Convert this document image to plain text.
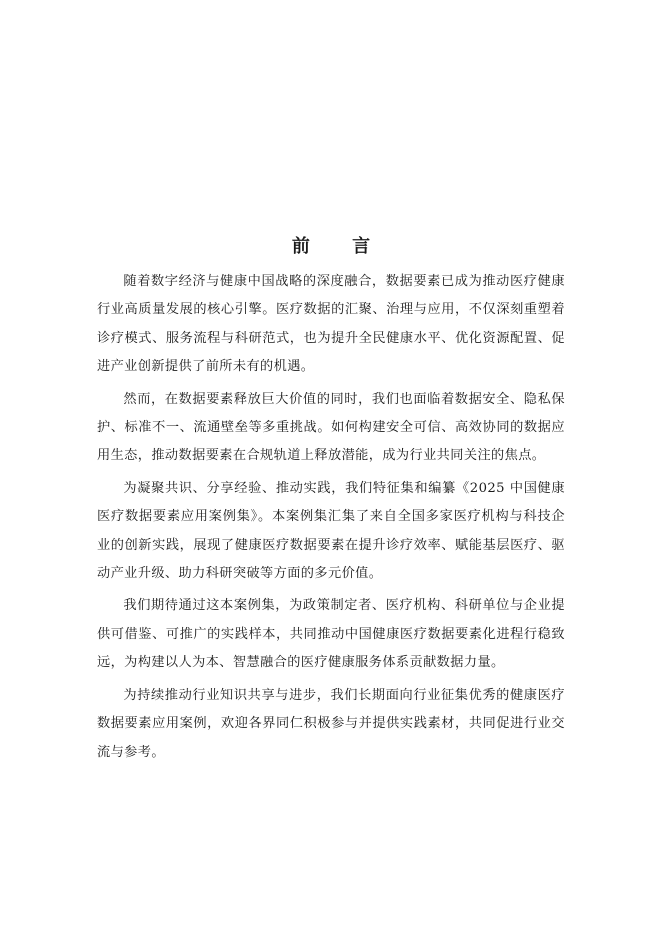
前 言

随着数字经济与健康中国战略的深度融合，数据要素已成为推动医疗健康行业高质量发展的核心引擎。医疗数据的汇聚、治理与应用，不仅深刻重塑着诊疗模式、服务流程与科研范式，也为提升全民健康水平、优化资源配置、促进产业创新提供了前所未有的机遇。

然而，在数据要素释放巨大价值的同时，我们也面临着数据安全、隐私保护、标准不一、流通壁垒等多重挑战。如何构建安全可信、高效协同的数据应用生态，推动数据要素在合规轨道上释放潜能，成为行业共同关注的焦点。

为凝聚共识、分享经验、推动实践，我们特征集和编纂《2025 中国健康医疗数据要素应用案例集》。本案例集汇集了来自全国多家医疗机构与科技企业的创新实践，展现了健康医疗数据要素在提升诊疗效率、赋能基层医疗、驱动产业升级、助力科研突破等方面的多元价值。

我们期待通过这本案例集，为政策制定者、医疗机构、科研单位与企业提供可借鉴、可推广的实践样本，共同推动中国健康医疗数据要素化进程行稳致远，为构建以人为本、智慧融合的医疗健康服务体系贡献数据力量。

为持续推动行业知识共享与进步，我们长期面向行业征集优秀的健康医疗数据要素应用案例，欢迎各界同仁积极参与并提供实践素材，共同促进行业交流与参考。
